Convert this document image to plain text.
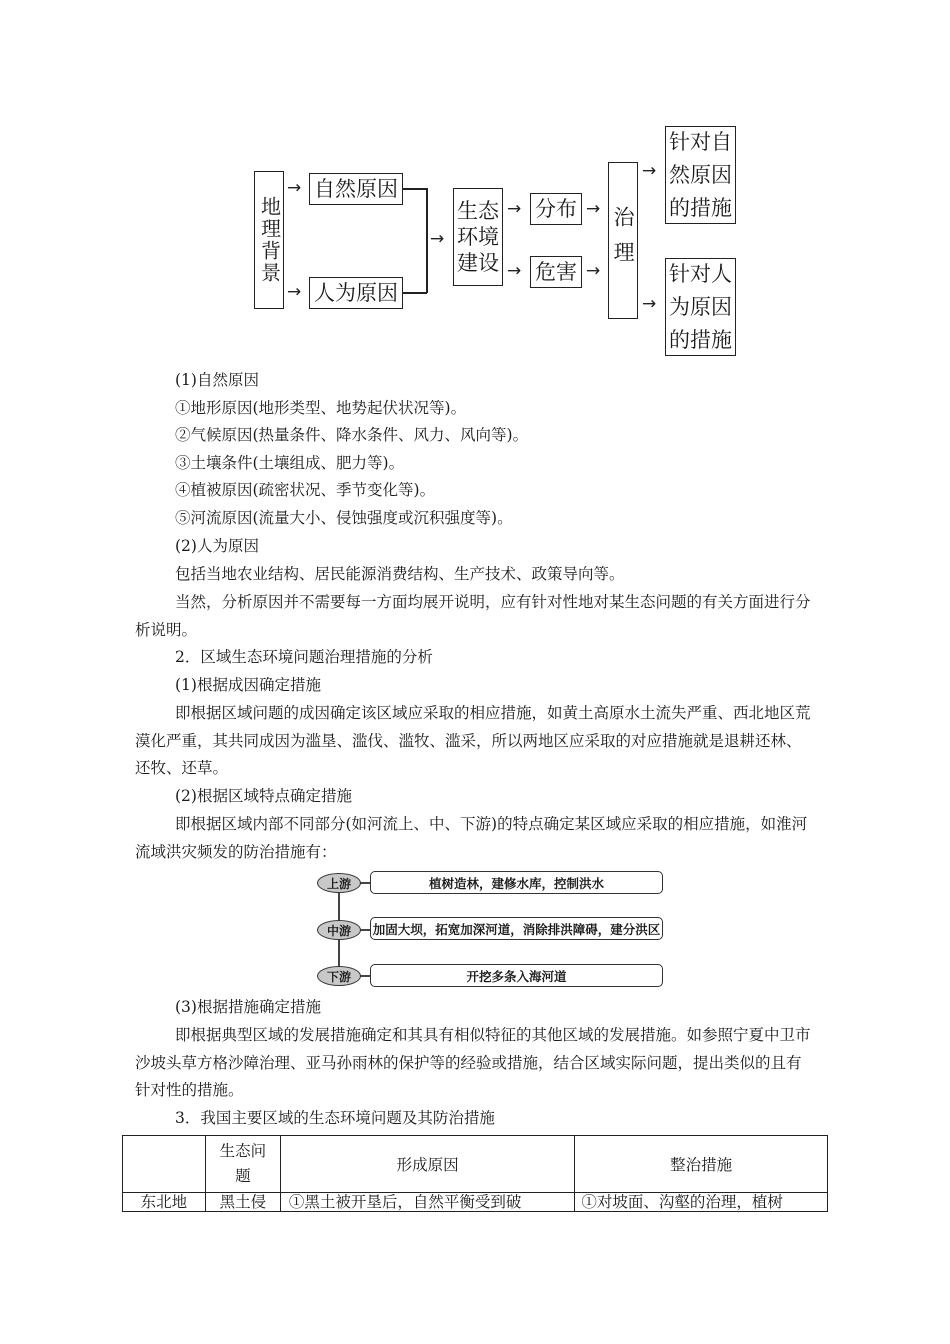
地理背景
→
→
自然原因
人为原因
→
生态环境建设
→
→
分布
危害
→
→ 治理
→
→
针对自然原因的措施
针对人为原因的措施

(1)自然原因

①地形原因(地形类型、地势起伏状况等)。

②气候原因(热量条件、降水条件、风力、风向等)。

③土壤条件(土壤组成、肥力等)。

④植被原因(疏密状况、季节变化等)。

⑤河流原因(流量大小、侵蚀强度或沉积强度等)。

(2)人为原因

包括当地农业结构、居民能源消费结构、生产技术、政策导向等。

当然，分析原因并不需要每一方面均展开说明，应有针对性地对某生态问题的有关方面进行分析说明。

2．区域生态环境问题治理措施的分析

(1)根据成因确定措施

即根据区域问题的成因确定该区域应采取的相应措施，如黄土高原水土流失严重、西北地区荒漠化严重，其共同成因为滥垦、滥伐、滥牧、滥采，所以两地区应采取的对应措施就是退耕还林、还牧、还草。

(2)根据区域特点确定措施

即根据区域内部不同部分(如河流上、中、下游)的特点确定某区域应采取的相应措施，如淮河流域洪灾频发的防治措施有：

上游	植树造林，建修水库，控制洪水
中游	加固大坝，拓宽加深河道，消除排洪障碍，建分洪区
下游	开挖多条入海河道

(3)根据措施确定措施

即根据典型区域的发展措施确定和其具有相似特征的其他区域的发展措施。如参照宁夏中卫市沙坡头草方格沙障治理、亚马孙雨林的保护等的经验或措施，结合区域实际问题，提出类似的且有针对性的措施。

3．我国主要区域的生态环境问题及其防治措施

	生态问题	形成原因	整治措施
东北地	黑土侵	①黑土被开垦后，自然平衡受到破	①对坡面、沟壑的治理，植树
